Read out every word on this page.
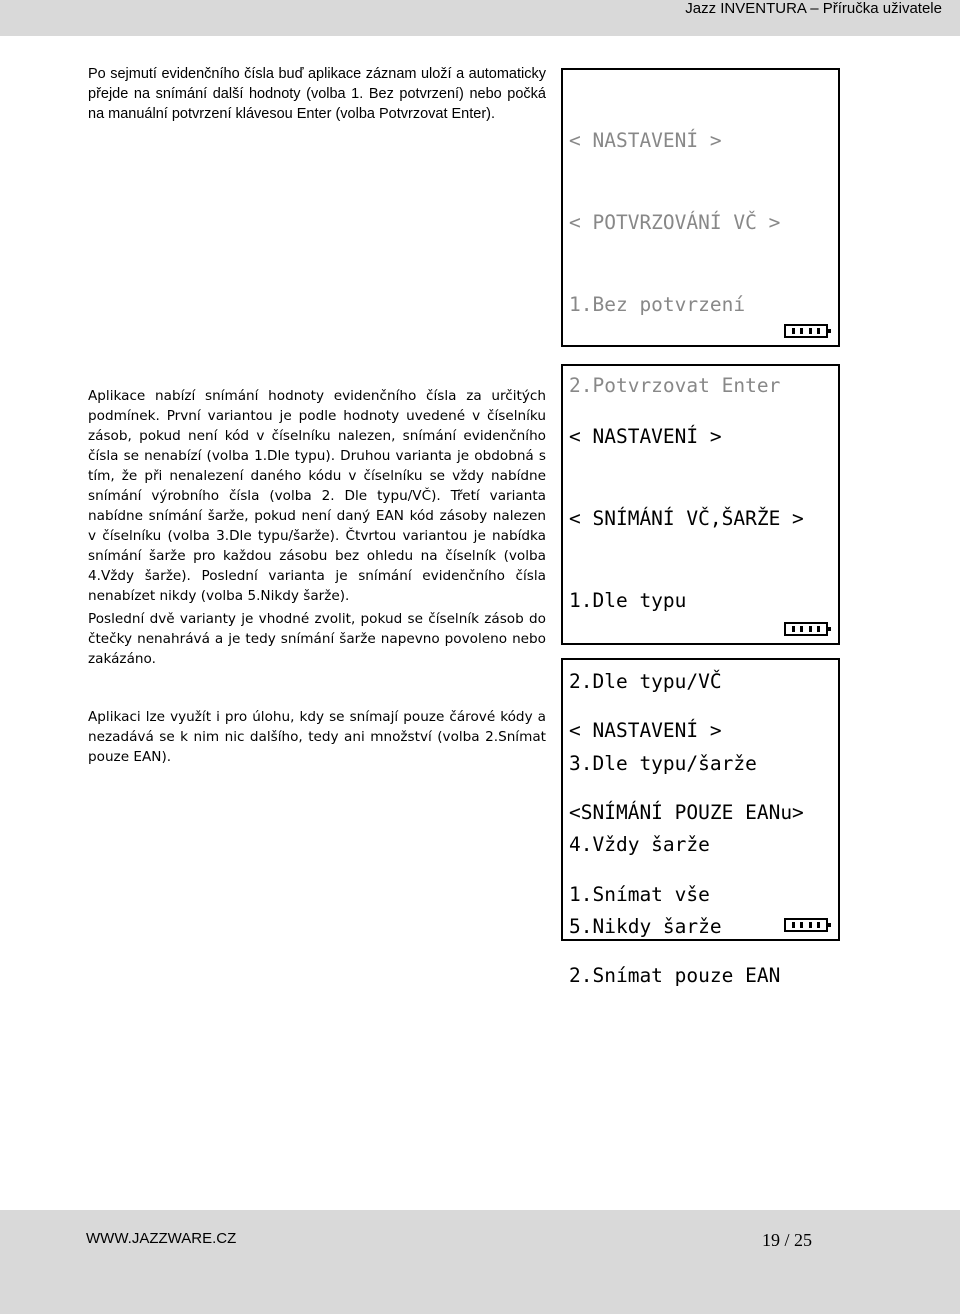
Jazz INVENTURA – Příručka uživatele

Po sejmutí evidenčního čísla buď aplikace záznam uloží a automaticky přejde na snímání další hodnoty (volba 1. Bez potvrzení) nebo počká na manuální potvrzení klávesou Enter (volba Potvrzovat Enter).

Aplikace nabízí snímání hodnoty evidenčního čísla za určitých podmínek. První variantou je podle hodnoty uvedené v číselníku zásob, pokud není kód v číselníku nalezen, snímání evidenčního čísla se nenabízí (volba 1.Dle typu). Druhou varianta je obdobná s tím, že při nenalezení daného kódu v číselníku se vždy nabídne snímání výrobního čísla (volba 2. Dle typu/VČ). Třetí varianta nabídne snímání šarže, pokud není daný EAN kód zásoby nalezen v číselníku (volba 3.Dle typu/šarže). Čtvrtou variantou je nabídka snímání šarže pro každou zásobu bez ohledu na číselník (volba 4.Vždy šarže). Poslední varianta je snímání evidenčního čísla nenabízet nikdy (volba 5.Nikdy šarže).

Poslední dvě varianty je vhodné zvolit, pokud se číselník zásob do čtečky nenahrává a je tedy snímání šarže napevno povoleno nebo zakázáno.

Aplikaci lze využít i pro úlohu, kdy se snímají pouze čárové kódy a nezadává se k nim nic dalšího, tedy ani množství (volba 2.Snímat pouze EAN).

< NASTAVENÍ >

< POTVRZOVÁNÍ VČ >

1.Bez potvrzení

2.Potvrzovat Enter

< NASTAVENÍ >

< SNÍMÁNÍ VČ,ŠARŽE >

1.Dle typu

2.Dle typu/VČ

3.Dle typu/šarže

4.Vždy šarže

5.Nikdy šarže

< NASTAVENÍ >

<SNÍMÁNÍ POUZE EANu>

1.Snímat vše

2.Snímat pouze EAN

WWW.JAZZWARE.CZ	19 / 25
